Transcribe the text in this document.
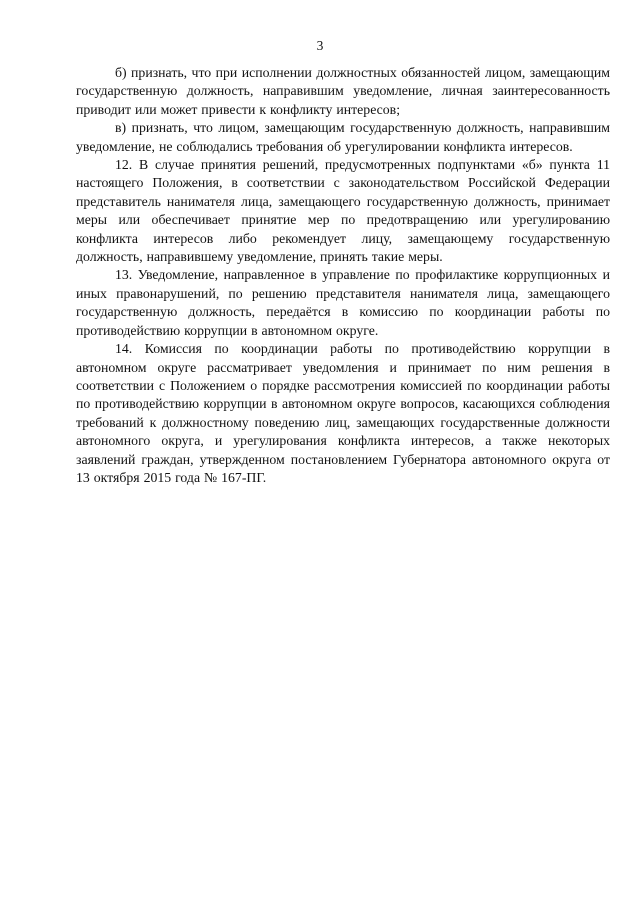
3

б) признать, что при исполнении должностных обязанностей лицом, замещающим государственную должность, направившим уведомление, личная заинтересованность приводит или может привести к конфликту интересов;

в) признать, что лицом, замещающим государственную должность, направившим уведомление, не соблюдались требования об урегулировании конфликта интересов.

12. В случае принятия решений, предусмотренных подпунктами «б» пункта 11 настоящего Положения, в соответствии с законодательством Российской Федерации представитель нанимателя лица, замещающего государственную должность, принимает меры или обеспечивает принятие мер по предотвращению или урегулированию конфликта интересов либо рекомендует лицу, замещающему государственную должность, направившему уведомление, принять такие меры.

13. Уведомление, направленное в управление по профилактике коррупционных и иных правонарушений, по решению представителя нанимателя лица, замещающего государственную должность, передаётся в комиссию по координации работы по противодействию коррупции в автономном округе.

14. Комиссия по координации работы по противодействию коррупции в автономном округе рассматривает уведомления и принимает по ним решения в соответствии с Положением о порядке рассмотрения комиссией по координации работы по противодействию коррупции в автономном округе вопросов, касающихся соблюдения требований к должностному поведению лиц, замещающих государственные должности автономного округа, и урегулирования конфликта интересов, а также некоторых заявлений граждан, утвержденном постановлением Губернатора автономного округа от 13 октября 2015 года № 167-ПГ.
